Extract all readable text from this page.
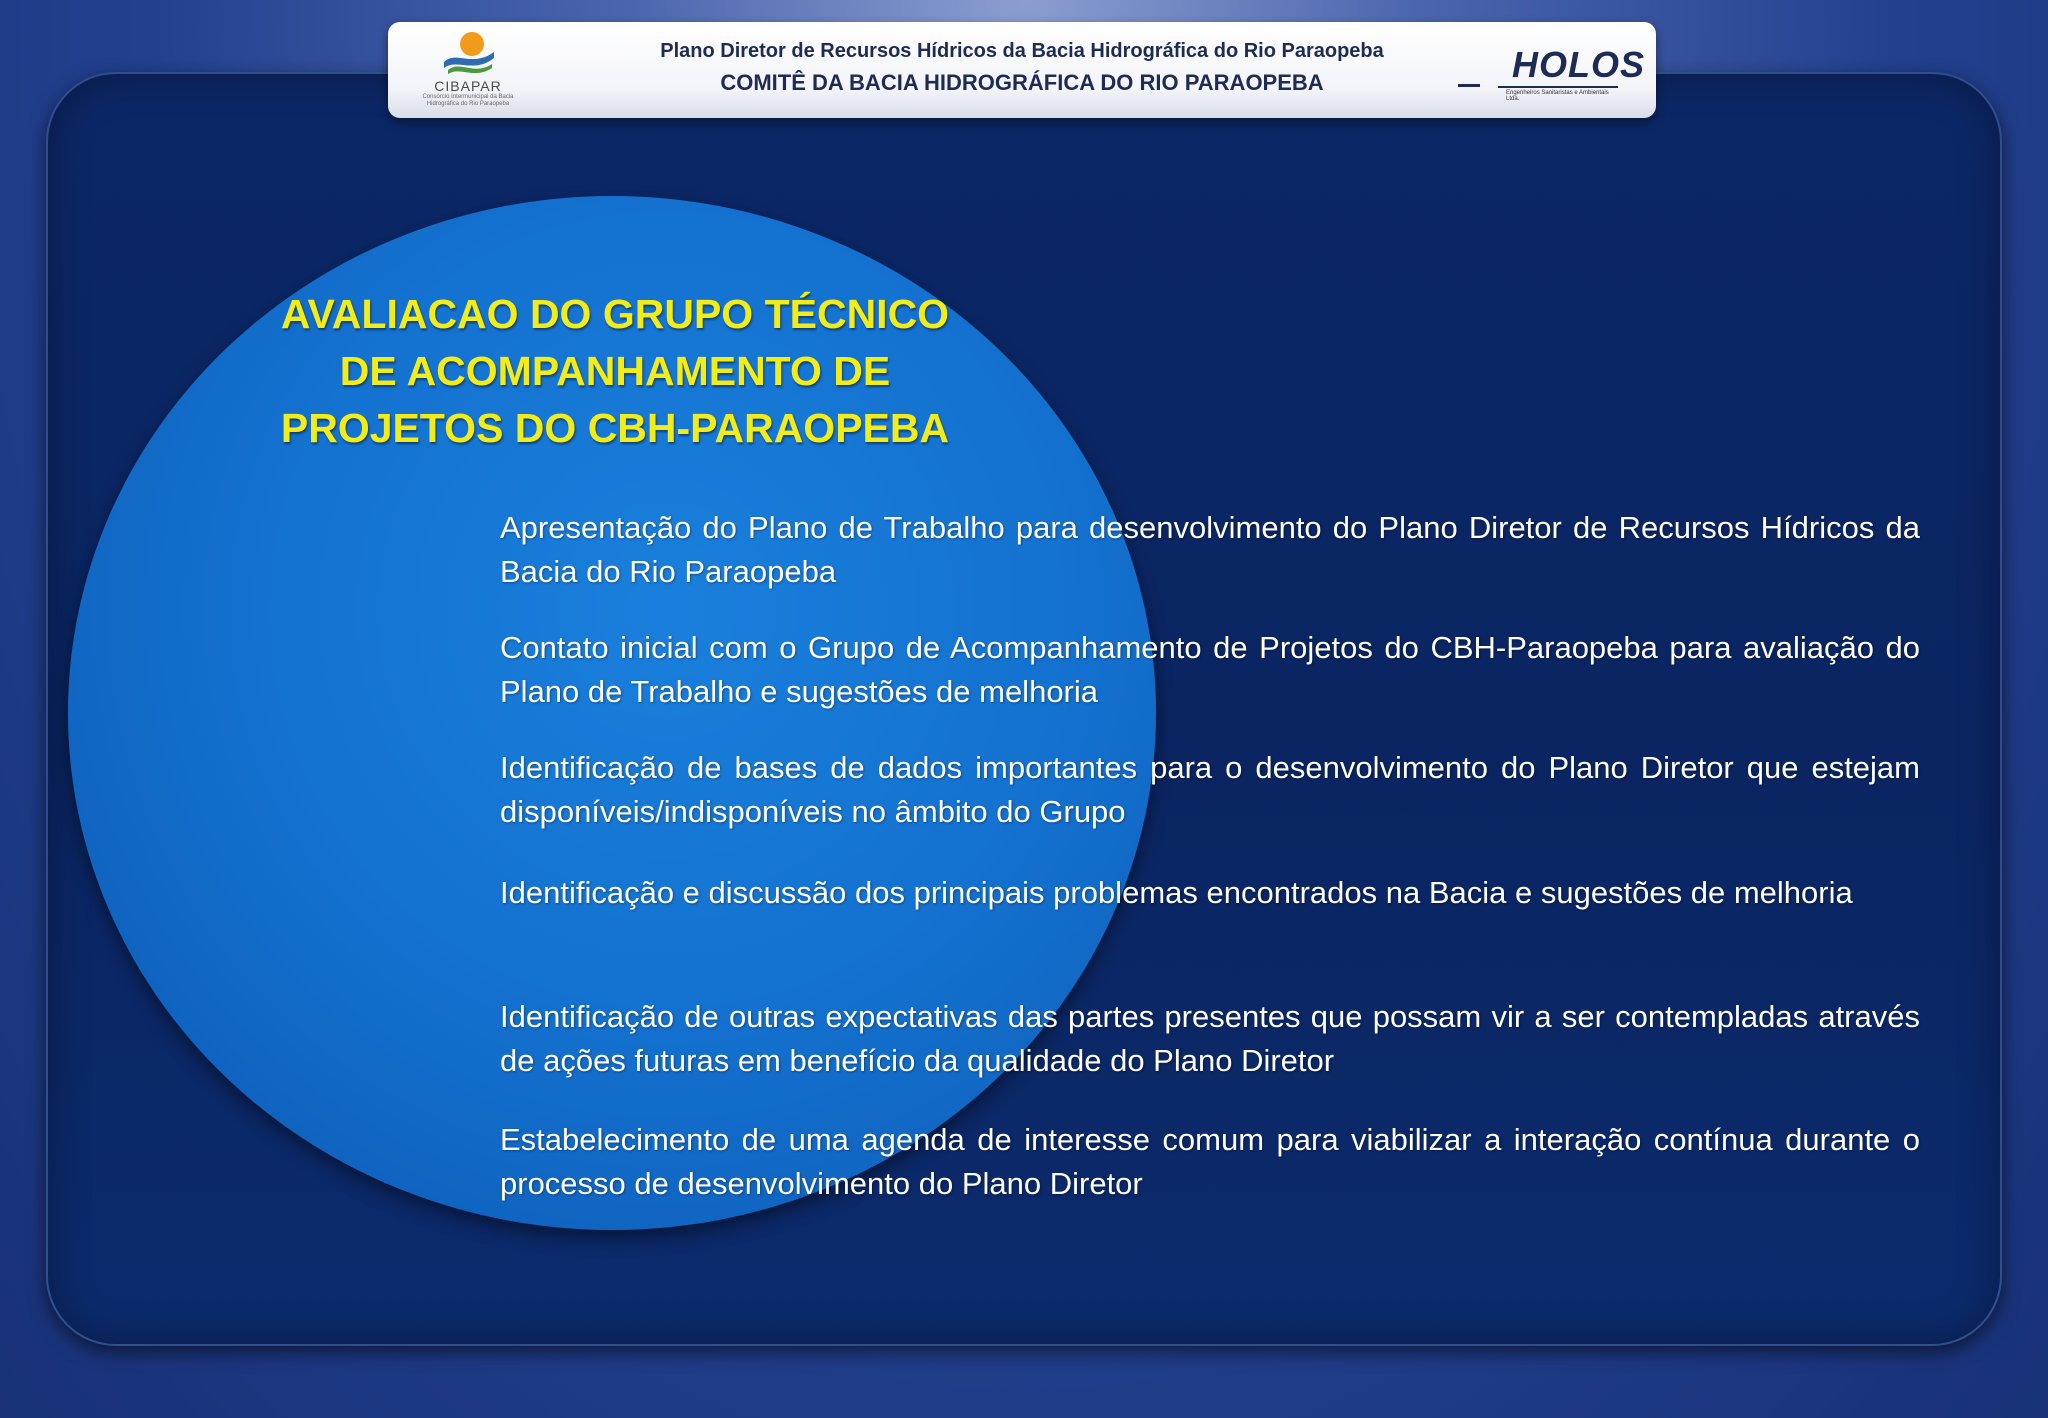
CIBAPAR
Consórcio Intermunicipal da Bacia Hidrográfica do Rio Paraopeba
Plano Diretor de Recursos Hídricos da Bacia Hidrográfica do Rio Paraopeba
COMITÊ DA BACIA HIDROGRÁFICA DO RIO PARAOPEBA	HOLOS
Engenheiros Sanitaristas e Ambientais Ltda.
AVALIACAO DO GRUPO TÉCNICO
DE ACOMPANHAMENTO DE
PROJETOS DO CBH-PARAOPEBA
Apresentação do Plano de Trabalho para desenvolvimento do Plano Diretor de Recursos Hídricos da Bacia do Rio Paraopeba
Contato inicial com o Grupo de Acompanhamento de Projetos do CBH-Paraopeba para avaliação do Plano de Trabalho e sugestões de melhoria
Identificação de bases de dados importantes para o desenvolvimento do Plano Diretor que estejam disponíveis/indisponíveis no âmbito do Grupo
Identificação e discussão dos principais problemas encontrados na Bacia e sugestões de melhoria
Identificação de outras expectativas das partes presentes que possam vir a ser contempladas através de ações futuras em benefício da qualidade do Plano Diretor
Estabelecimento de uma agenda de interesse comum para viabilizar a interação contínua durante o processo de desenvolvimento do Plano Diretor
